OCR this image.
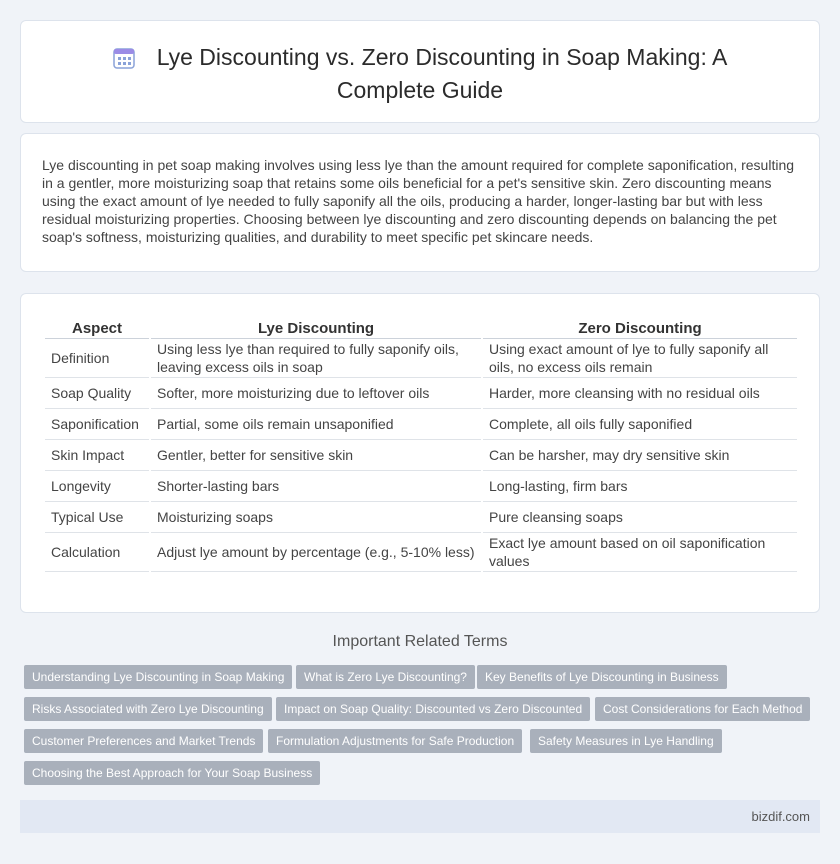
Lye Discounting vs. Zero Discounting in Soap Making: A Complete Guide

Lye discounting in pet soap making involves using less lye than the amount required for complete saponification, resulting in a gentler, more moisturizing soap that retains some oils beneficial for a pet's sensitive skin. Zero discounting means using the exact amount of lye needed to fully saponify all the oils, producing a harder, longer-lasting bar but with less residual moisturizing properties. Choosing between lye discounting and zero discounting depends on balancing the pet soap's softness, moisturizing qualities, and durability to meet specific pet skincare needs.

Aspect	Lye Discounting	Zero Discounting
Definition	Using less lye than required to fully saponify oils, leaving excess oils in soap	Using exact amount of lye to fully saponify all oils, no excess oils remain
Soap Quality	Softer, more moisturizing due to leftover oils	Harder, more cleansing with no residual oils
Saponification	Partial, some oils remain unsaponified	Complete, all oils fully saponified
Skin Impact	Gentler, better for sensitive skin	Can be harsher, may dry sensitive skin
Longevity	Shorter-lasting bars	Long-lasting, firm bars
Typical Use	Moisturizing soaps	Pure cleansing soaps
Calculation	Adjust lye amount by percentage (e.g., 5-10% less)	Exact lye amount based on oil saponification values
Important Related Terms
Understanding Lye Discounting in Soap Making	What is Zero Lye Discounting?	Key Benefits of Lye Discounting in Business
Risks Associated with Zero Lye Discounting	Impact on Soap Quality: Discounted vs Zero Discounted	Cost Considerations for Each Method
Customer Preferences and Market Trends	Formulation Adjustments for Safe Production	Safety Measures in Lye Handling
Choosing the Best Approach for Your Soap Business
bizdif.com
